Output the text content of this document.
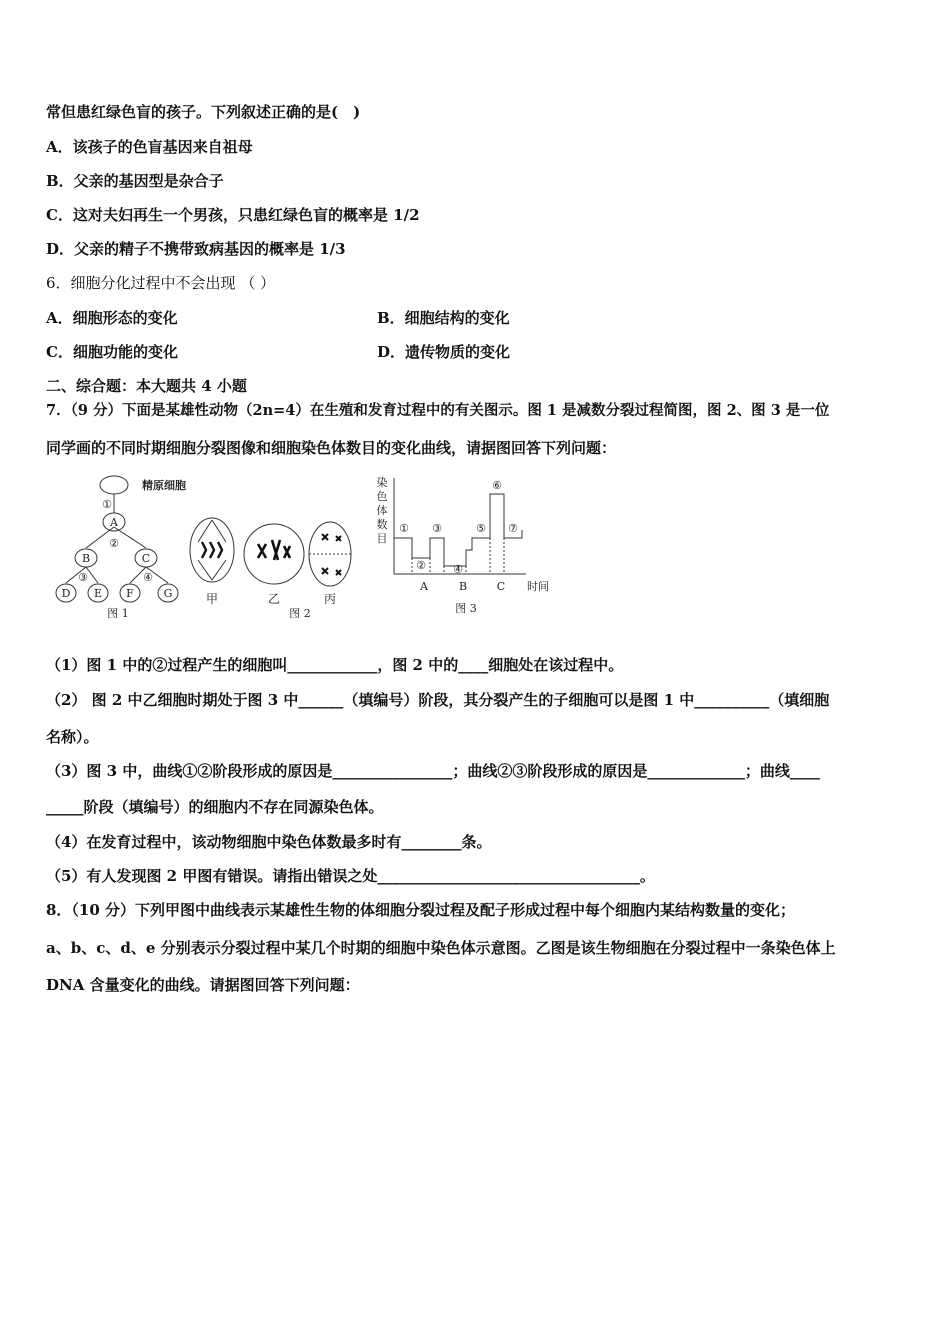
常但患红绿色盲的孩子。下列叙述正确的是(　)
A．该孩子的色盲基因来自祖母
B．父亲的基因型是杂合子
C．这对夫妇再生一个男孩，只患红绿色盲的概率是 1/2
D．父亲的精子不携带致病基因的概率是 1/3
6．细胞分化过程中不会出现 （ ）
A．细胞形态的变化	B．细胞结构的变化
C．细胞功能的变化	D．遗传物质的变化
二、综合题：本大题共 4 小题
7．（9 分）下面是某雄性动物（2n=4）在生殖和发育过程中的有关图示。图 1 是减数分裂过程简图，图 2、图 3 是一位
同学画的不同时期细胞分裂图像和细胞染色体数目的变化曲线，请据图回答下列问题：
精原细胞
①
A
②
B	C
③	④
D E F	G
图 1
甲	乙	丙
图 2
染
色
体
数
目
①
②
③
④
⑤
⑥
⑦
A	B	C 时间
图 3
（1）图 1 中的②过程产生的细胞叫____________，图 2 中的____细胞处在该过程中。
（2） 图 2 中乙细胞时期处于图 3 中______（填编号）阶段，其分裂产生的子细胞可以是图 1 中__________（填细胞
名称）。
（3）图 3 中，曲线①②阶段形成的原因是________________；曲线②③阶段形成的原因是_____________；曲线____
_____阶段（填编号）的细胞内不存在同源染色体。
（4）在发育过程中，该动物细胞中染色体数最多时有________条。
（5）有人发现图 2 甲图有错误。请指出错误之处___________________________________。
8．（10 分）下列甲图中曲线表示某雄性生物的体细胞分裂过程及配子形成过程中每个细胞内某结构数量的变化；
a、b、c、d、e 分别表示分裂过程中某几个时期的细胞中染色体示意图。乙图是该生物细胞在分裂过程中一条染色体上
DNA 含量变化的曲线。请据图回答下列问题：
